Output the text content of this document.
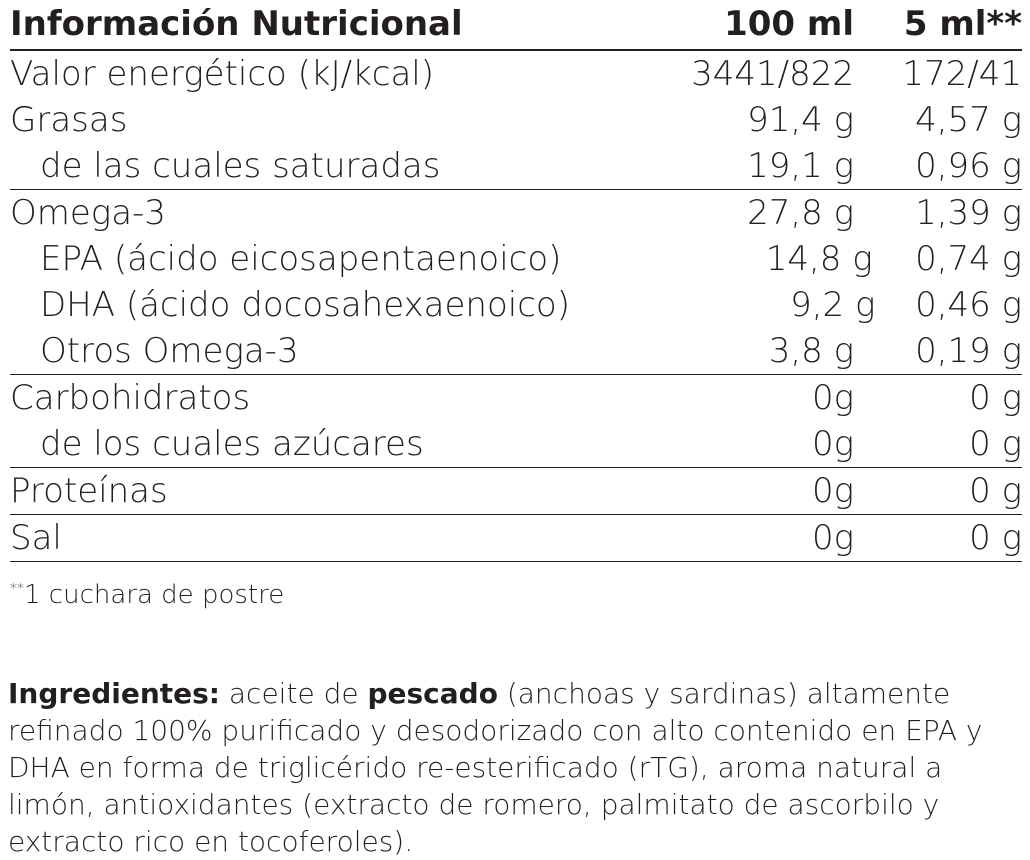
Información Nutricional	100 ml	5 ml**
Valor energético (kJ/kcal)	3441/822	172/41
Grasas	91,4 g	4,57 g
de las cuales saturadas	19,1 g	0,96 g
Omega-3	27,8 g	1,39 g
EPA (ácido eicosapentaenoico)	14,8 g	0,74 g
DHA (ácido docosahexaenoico)	9,2 g	0,46 g
Otros Omega-3	3,8 g	0,19 g
Carbohidratos	0g	0 g
de los cuales azúcares	0g	0 g
Proteínas	0g	0 g
Sal	0g	0 g
**1 cuchara de postre
Ingredientes: aceite de pescado (anchoas y sardinas) altamente refinado 100% purificado y desodorizado con alto contenido en EPA y DHA en forma de triglicérido re-esterificado (rTG), aroma natural a limón, antioxidantes (extracto de romero, palmitato de ascorbilo y extracto rico en tocoferoles).
